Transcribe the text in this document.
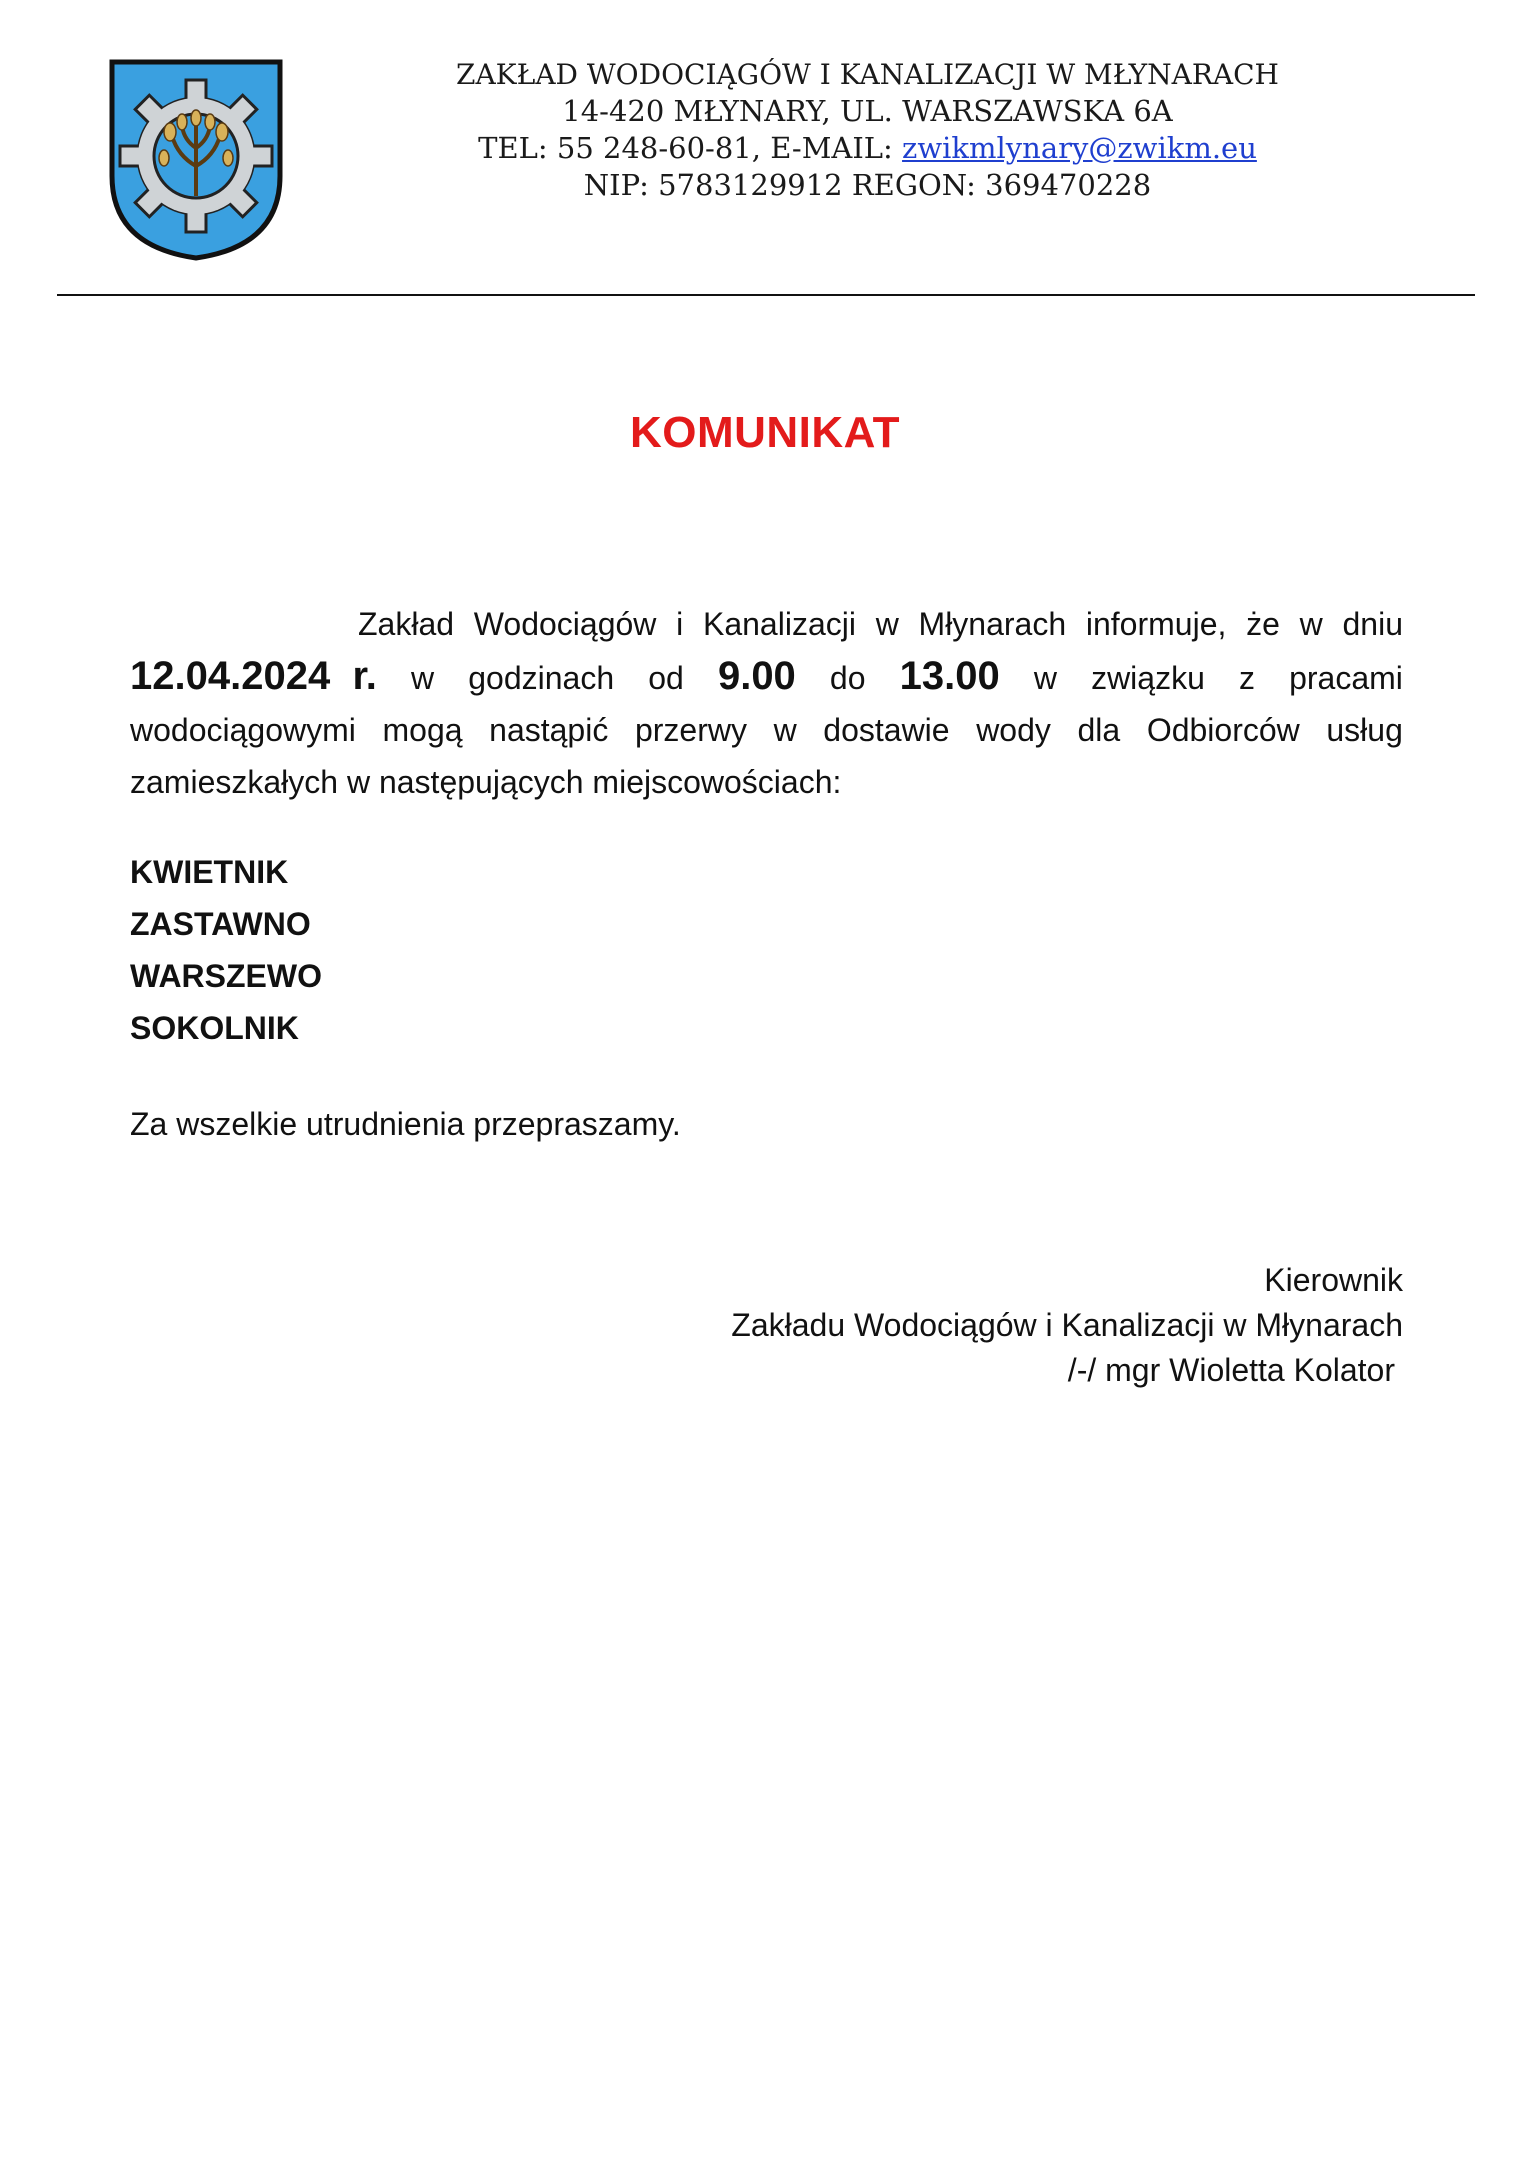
ZAKŁAD WODOCIĄGÓW I KANALIZACJI W MŁYNARACH
14-420 MŁYNARY, UL. WARSZAWSKA 6A
TEL: 55 248-60-81, E-MAIL: zwikmlynary@zwikm.eu
NIP: 5783129912 REGON: 369470228
KOMUNIKAT
Zakład Wodociągów i Kanalizacji w Młynarach informuje, że w dniu
12.04.2024 r. w godzinach od 9.00 do 13.00 w związku z pracami
wodociągowymi mogą nastąpić przerwy w dostawie wody dla Odbiorców usług
zamieszkałych w następujących miejscowościach:
KWIETNIK
ZASTAWNO
WARSZEWO
SOKOLNIK
Za wszelkie utrudnienia przepraszamy.
Kierownik
Zakładu Wodociągów i Kanalizacji w Młynarach
/-/ mgr Wioletta Kolator
